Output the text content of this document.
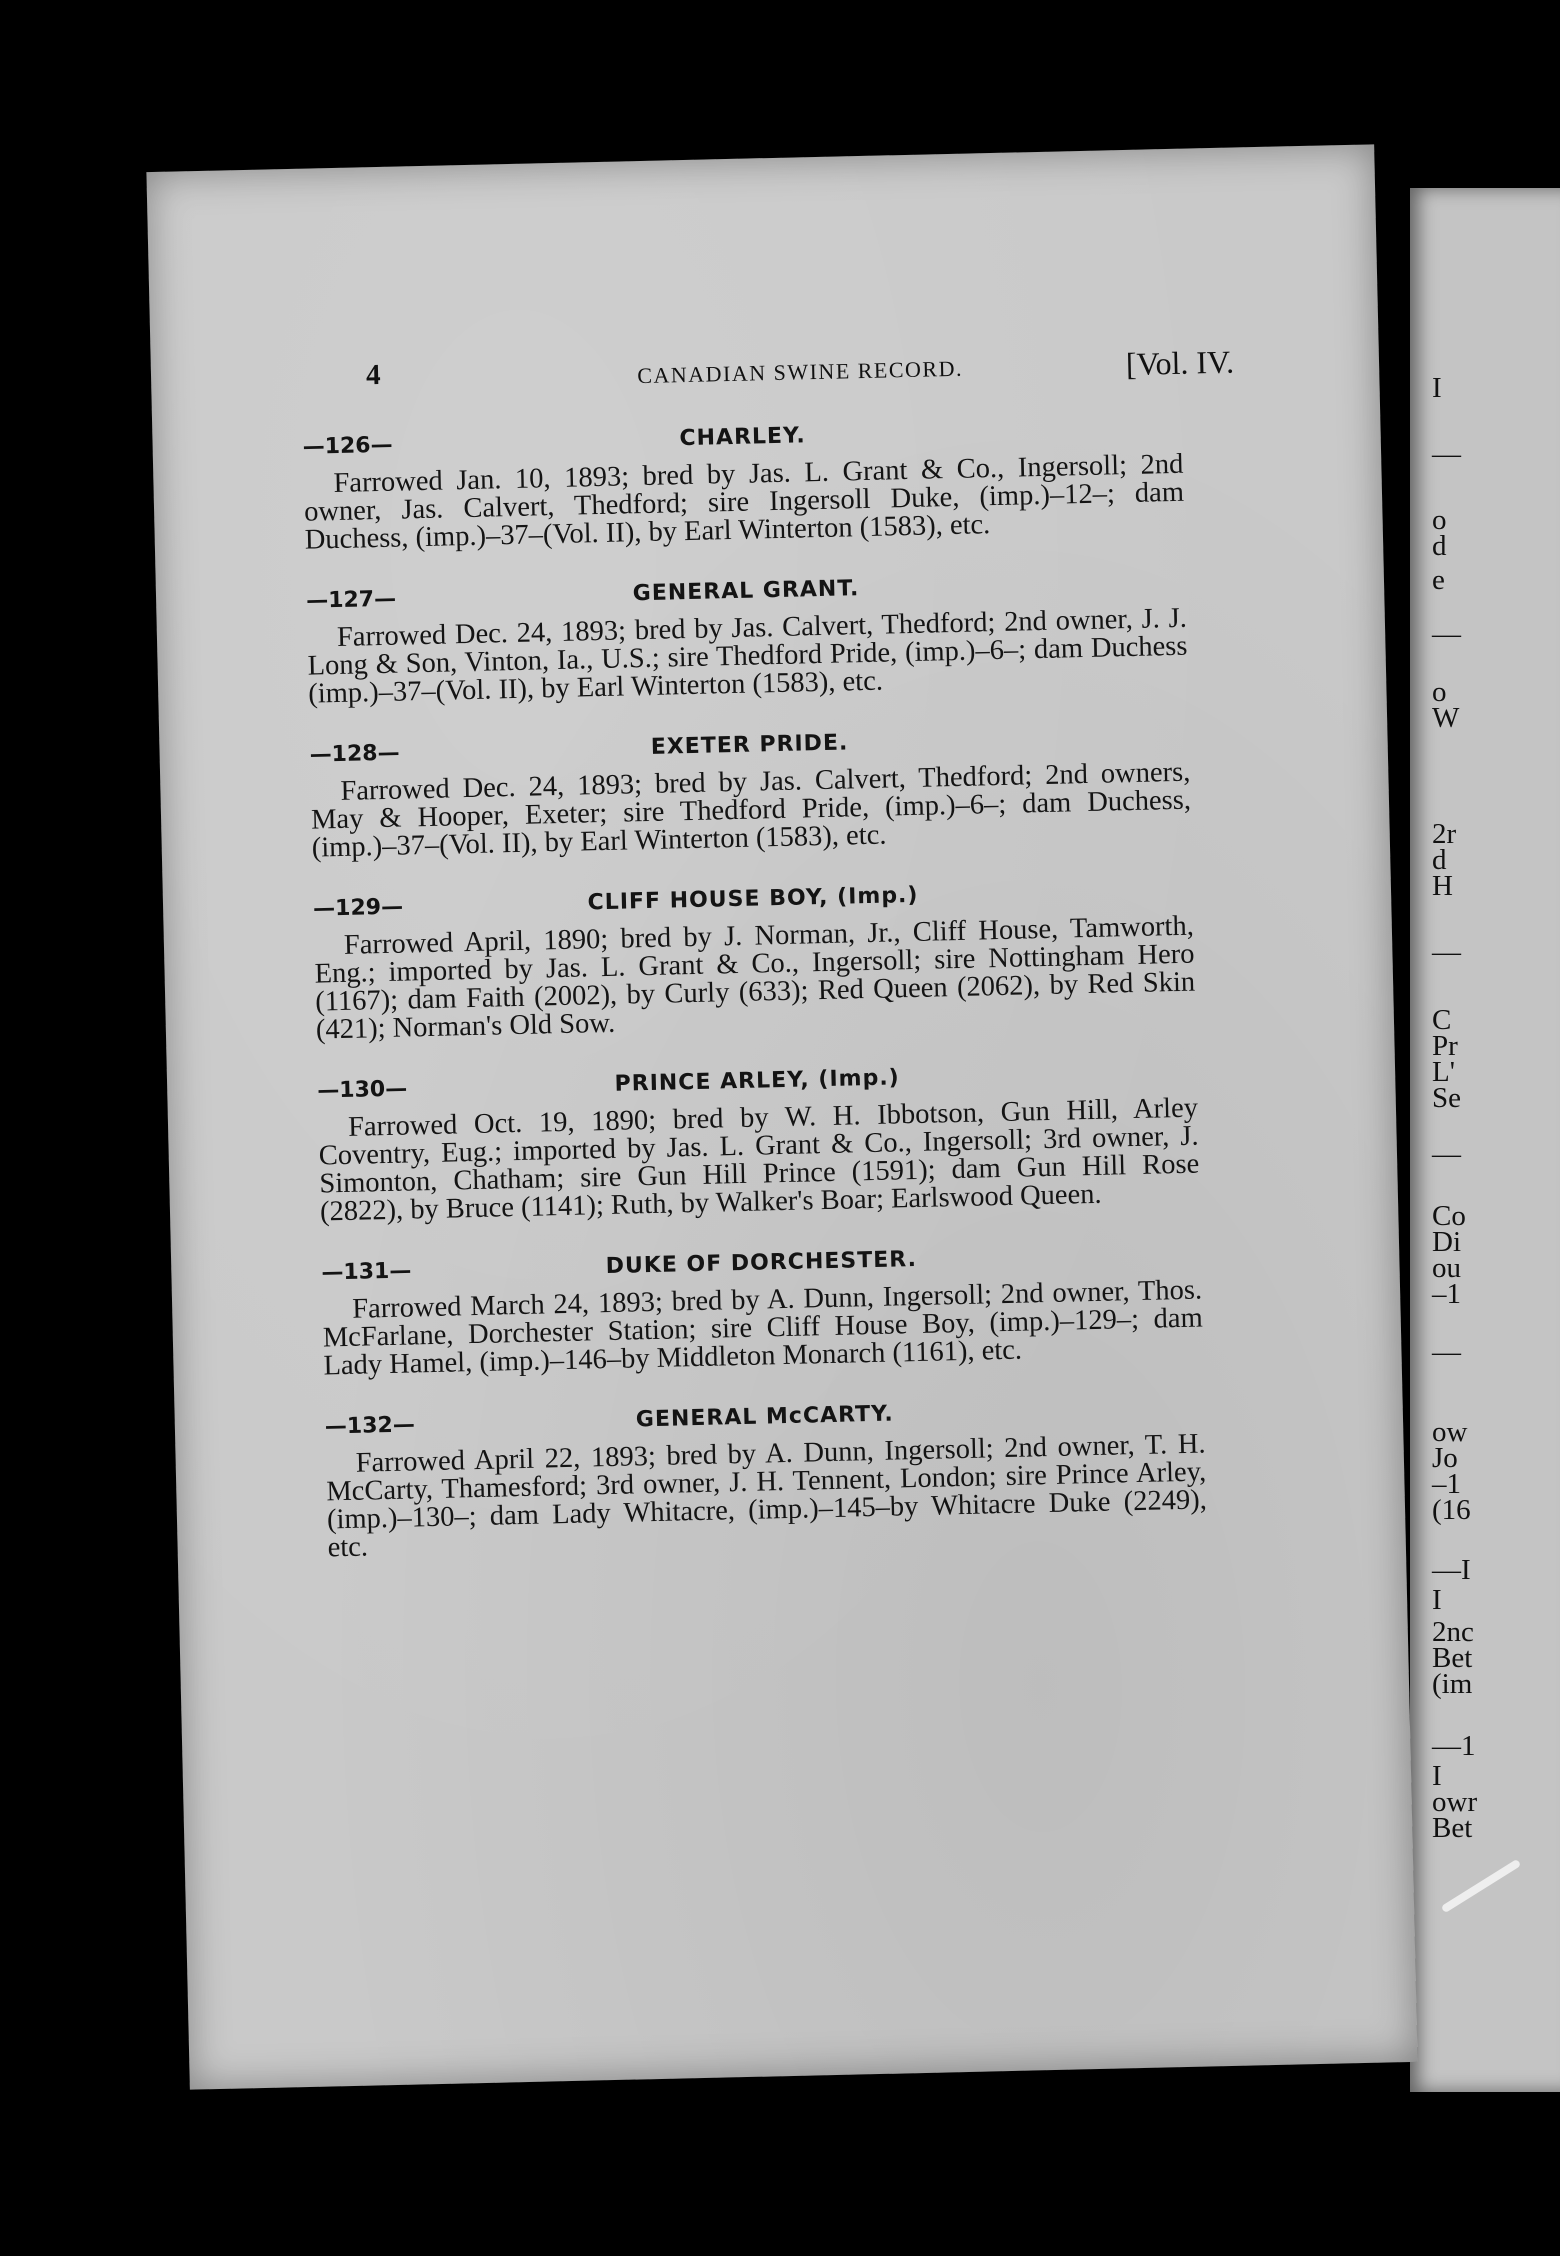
I
—
o
d
e
—
o
W
2r
d
H
—
C
Pr
L'
Se
—
Co
Di
ou
–1
—
ow
Jo
–1
(16
—I
I
2nc
Bet
(im
—1
I
owr
Bet
4	CANADIAN SWINE RECORD.	[Vol. IV.
—126—	CHARLEY.
Farrowed Jan. 10, 1893; bred by Jas. L. Grant & Co., Ingersoll; 2nd owner, Jas. Calvert, Thedford; sire Ingersoll Duke, (imp.)–12–; dam Duchess, (imp.)–37–(Vol. II), by Earl Winterton (1583), etc.
—127—	GENERAL GRANT.
Farrowed Dec. 24, 1893; bred by Jas. Calvert, Thedford; 2nd owner, J. J. Long & Son, Vinton, Ia., U.S.; sire Thedford Pride, (imp.)–6–; dam Duchess (imp.)–37–(Vol. II), by Earl Winterton (1583), etc.
—128—	EXETER PRIDE.
Farrowed Dec. 24, 1893; bred by Jas. Calvert, Thedford; 2nd owners, May & Hooper, Exeter; sire Thedford Pride, (imp.)–6–; dam Duchess, (imp.)–37–(Vol. II), by Earl Winterton (1583), etc.
—129—	CLIFF HOUSE BOY, (Imp.)
Farrowed April, 1890; bred by J. Norman, Jr., Cliff House, Tamworth, Eng.; imported by Jas. L. Grant & Co., Ingersoll; sire Nottingham Hero (1167); dam Faith (2002), by Curly (633); Red Queen (2062), by Red Skin (421); Norman's Old Sow.
—130—	PRINCE ARLEY, (Imp.)
Farrowed Oct. 19, 1890; bred by W. H. Ibbotson, Gun Hill, Arley Coventry, Eug.; imported by Jas. L. Grant & Co., Ingersoll; 3rd owner, J. Simonton, Chatham; sire Gun Hill Prince (1591); dam Gun Hill Rose (2822), by Bruce (1141); Ruth, by Walker's Boar; Earlswood Queen.
—131—	DUKE OF DORCHESTER.
Farrowed March 24, 1893; bred by A. Dunn, Ingersoll; 2nd owner, Thos. McFarlane, Dorchester Station; sire Cliff House Boy, (imp.)–129–; dam Lady Hamel, (imp.)–146–by Middleton Monarch (1161), etc.
—132—	GENERAL McCARTY.
Farrowed April 22, 1893; bred by A. Dunn, Ingersoll; 2nd owner, T. H. McCarty, Thamesford; 3rd owner, J. H. Tennent, London; sire Prince Arley, (imp.)–130–; dam Lady Whitacre, (imp.)–145–by Whitacre Duke (2249), etc.
